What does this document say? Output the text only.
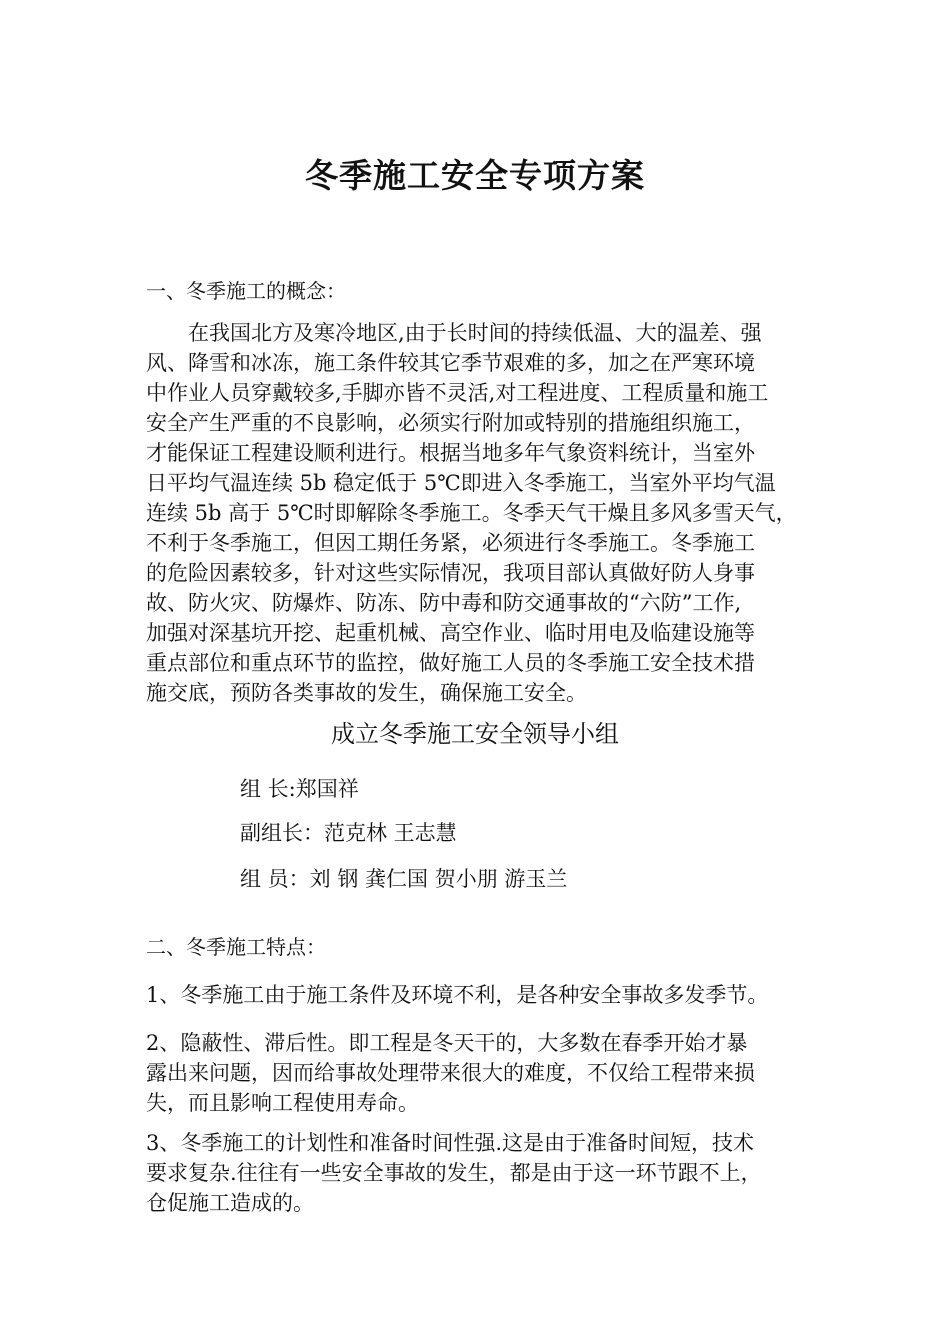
冬季施工安全专项方案
一、冬季施工的概念：
　　在我国北方及寒冷地区,由于长时间的持续低温、大的温差、强
风、降雪和冰冻，施工条件较其它季节艰难的多，加之在严寒环境
中作业人员穿戴较多,手脚亦皆不灵活,对工程进度、工程质量和施工
安全产生严重的不良影响，必须实行附加或特别的措施组织施工，
才能保证工程建设顺利进行。根据当地多年气象资料统计，当室外
日平均气温连续 5b 稳定低于 5℃即进入冬季施工，当室外平均气温
连续 5b 高于 5℃时即解除冬季施工。冬季天气干燥且多风多雪天气，
不利于冬季施工，但因工期任务紧，必须进行冬季施工。冬季施工
的危险因素较多，针对这些实际情况，我项目部认真做好防人身事
故、防火灾、防爆炸、防冻、防中毒和防交通事故的“六防”工作,
加强对深基坑开挖、起重机械、高空作业、临时用电及临建设施等
重点部位和重点环节的监控，做好施工人员的冬季施工安全技术措
施交底，预防各类事故的发生，确保施工安全。
成立冬季施工安全领导小组
组 长:郑国祥
副组长：范克林 王志慧
组 员：刘 钢 龚仁国 贺小朋 游玉兰
二、冬季施工特点：
1、冬季施工由于施工条件及环境不利，是各种安全事故多发季节。
2、隐蔽性、滞后性。即工程是冬天干的，大多数在春季开始才暴
露出来问题，因而给事故处理带来很大的难度，不仅给工程带来损
失，而且影响工程使用寿命。
3、冬季施工的计划性和准备时间性强.这是由于准备时间短，技术
要求复杂.往往有一些安全事故的发生，都是由于这一环节跟不上，
仓促施工造成的。
